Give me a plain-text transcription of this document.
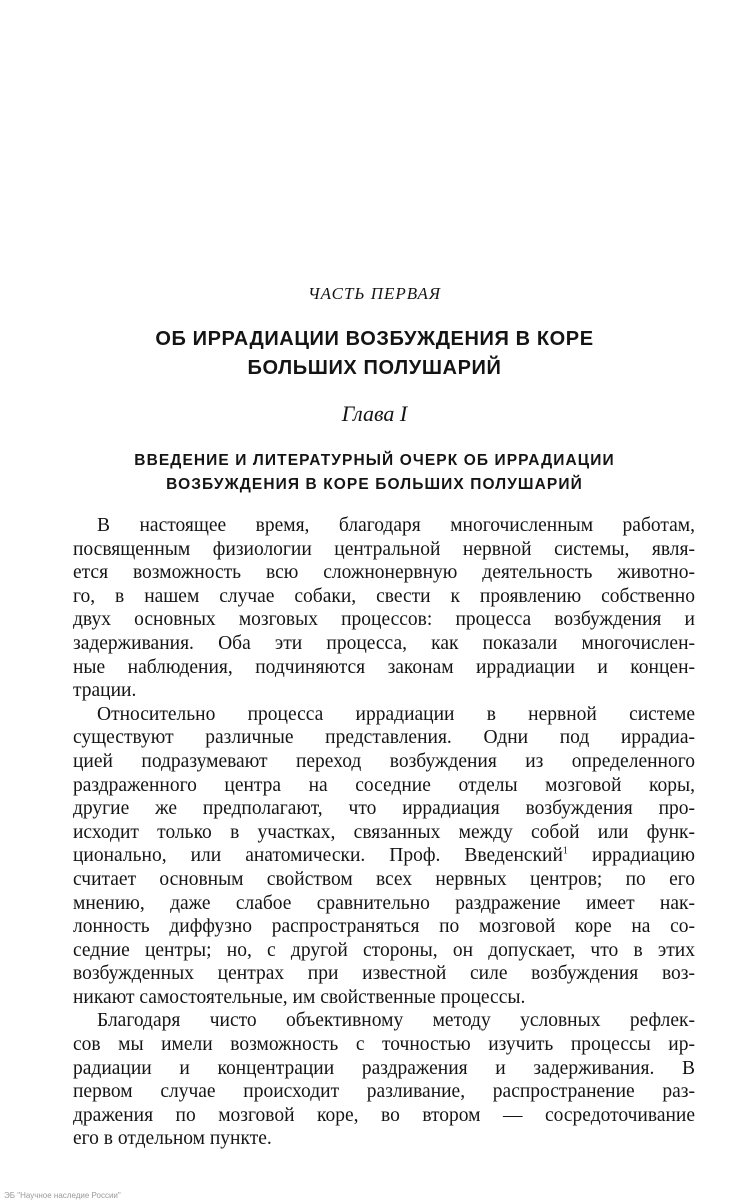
ЧАСТЬ ПЕРВАЯ
ОБ ИРРАДИАЦИИ ВОЗБУЖДЕНИЯ В КОРЕ
БОЛЬШИХ ПОЛУШАРИЙ
Глава I
ВВЕДЕНИЕ И ЛИТЕРАТУРНЫЙ ОЧЕРК ОБ ИРРАДИАЦИИ
ВОЗБУЖДЕНИЯ В КОРЕ БОЛЬШИХ ПОЛУШАРИЙ
В настоящее время, благодаря многочисленным работам,
посвященным физиологии центральной нервной системы, явля-
ется возможность всю сложнонервную деятельность животно-
го, в нашем случае собаки, свести к проявлению собственно
двух основных мозговых процессов: процесса возбуждения и
задерживания. Оба эти процесса, как показали многочислен-
ные наблюдения, подчиняются законам иррадиации и концен-
трации.
Относительно процесса иррадиации в нервной системе
существуют различные представления. Одни под иррадиа-
цией подразумевают переход возбуждения из определенного
раздраженного центра на соседние отделы мозговой коры,
другие же предполагают, что иррадиация возбуждения про-
исходит только в участках, связанных между собой или функ-
ционально, или анатомически. Проф. Введенский$^1$ иррадиацию
считает основным свойством всех нервных центров; по его
мнению, даже слабое сравнительно раздражение имеет нак-
лонность диффузно распространяться по мозговой коре на со-
седние центры; но, с другой стороны, он допускает, что в этих
возбужденных центрах при известной силе возбуждения воз-
никают самостоятельные, им свойственные процессы.
Благодаря чисто объективному методу условных рефлек-
сов мы имели возможность с точностью изучить процессы ир-
радиации и концентрации раздражения и задерживания. В
первом случае происходит разливание, распространение раз-
дражения по мозговой коре, во втором — сосредоточивание
его в отдельном пункте.
ЭБ "Научное наследие России"
